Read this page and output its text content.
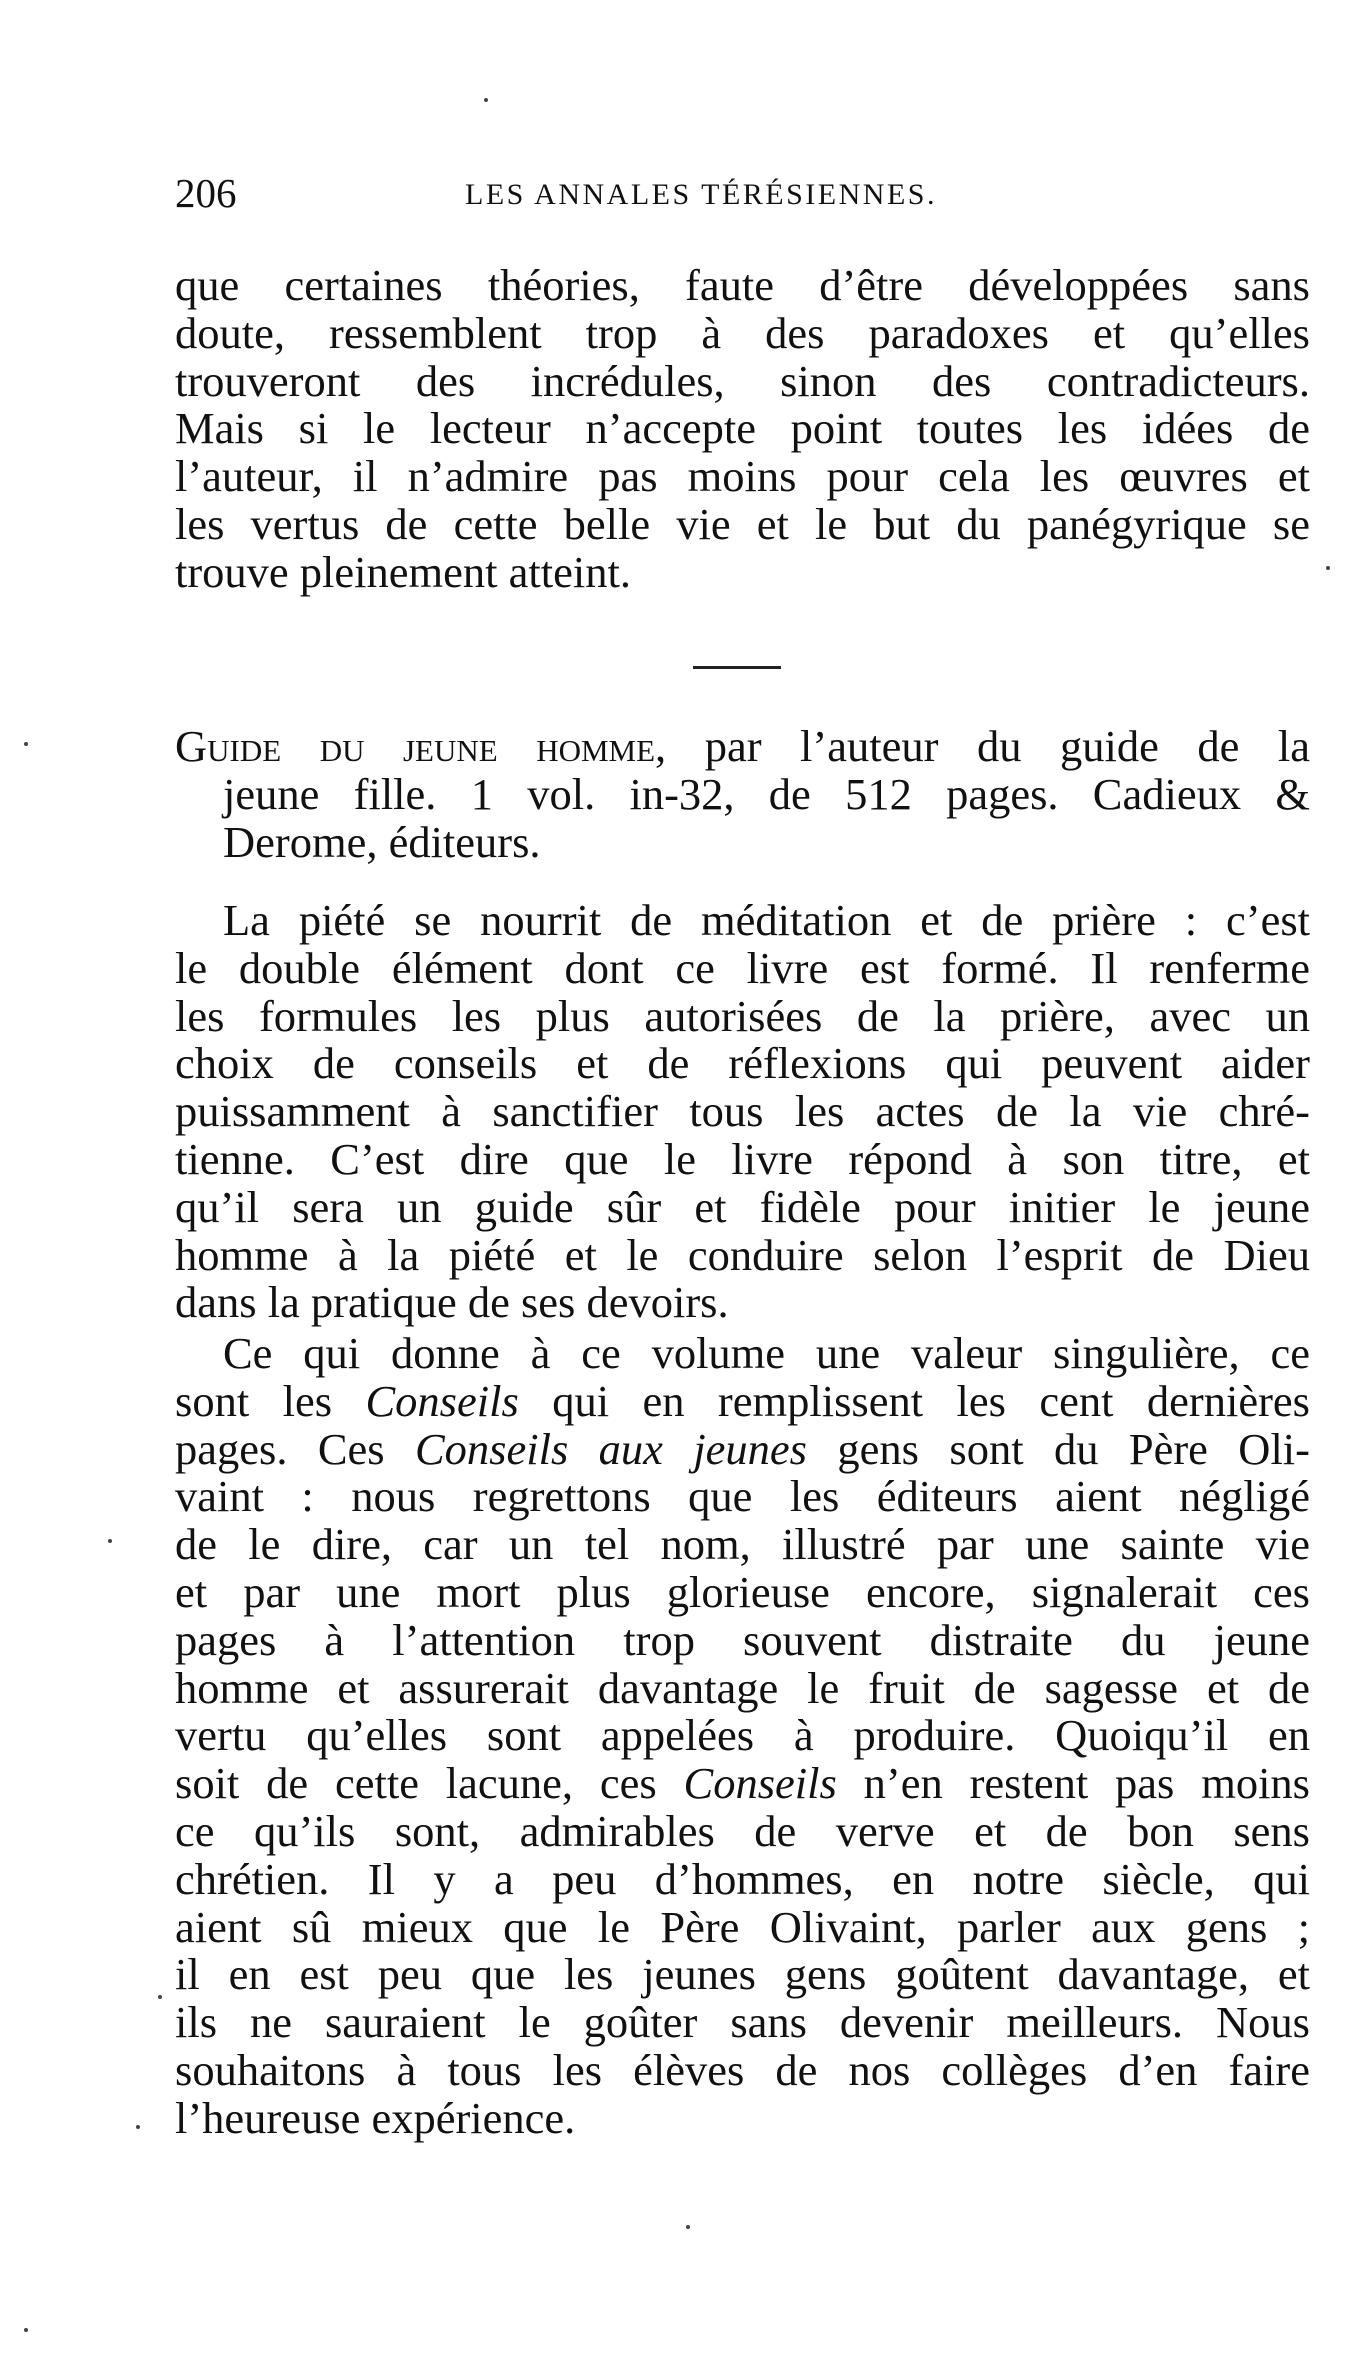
206	LES ANNALES TÉRÉSIENNES.
que certaines théories, faute d’être développées sans
doute, ressemblent trop à des paradoxes et qu’elles
trouveront des incrédules, sinon des contradicteurs.
Mais si le lecteur n’accepte point toutes les idées de
l’auteur, il n’admire pas moins pour cela les œuvres et
les vertus de cette belle vie et le but du panégyrique se
trouve pleinement atteint.
Guide du jeune homme, par l’auteur du guide de la
jeune fille. 1 vol. in-32, de 512 pages. Cadieux &
Derome, éditeurs.
La piété se nourrit de méditation et de prière : c’est
le double élément dont ce livre est formé. Il renferme
les formules les plus autorisées de la prière, avec un
choix de conseils et de réflexions qui peuvent aider
puissamment à sanctifier tous les actes de la vie chré-
tienne. C’est dire que le livre répond à son titre, et
qu’il sera un guide sûr et fidèle pour initier le jeune
homme à la piété et le conduire selon l’esprit de Dieu
dans la pratique de ses devoirs.
Ce qui donne à ce volume une valeur singulière, ce
sont les Conseils qui en remplissent les cent dernières
pages. Ces Conseils aux jeunes gens sont du Père Oli-
vaint : nous regrettons que les éditeurs aient négligé
de le dire, car un tel nom, illustré par une sainte vie
et par une mort plus glorieuse encore, signalerait ces
pages à l’attention trop souvent distraite du jeune
homme et assurerait davantage le fruit de sagesse et de
vertu qu’elles sont appelées à produire. Quoiqu’il en
soit de cette lacune, ces Conseils n’en restent pas moins
ce qu’ils sont, admirables de verve et de bon sens
chrétien. Il y a peu d’hommes, en notre siècle, qui
aient sû mieux que le Père Olivaint, parler aux gens ;
il en est peu que les jeunes gens goûtent davantage, et
ils ne sauraient le goûter sans devenir meilleurs. Nous
souhaitons à tous les élèves de nos collèges d’en faire
l’heureuse expérience.
